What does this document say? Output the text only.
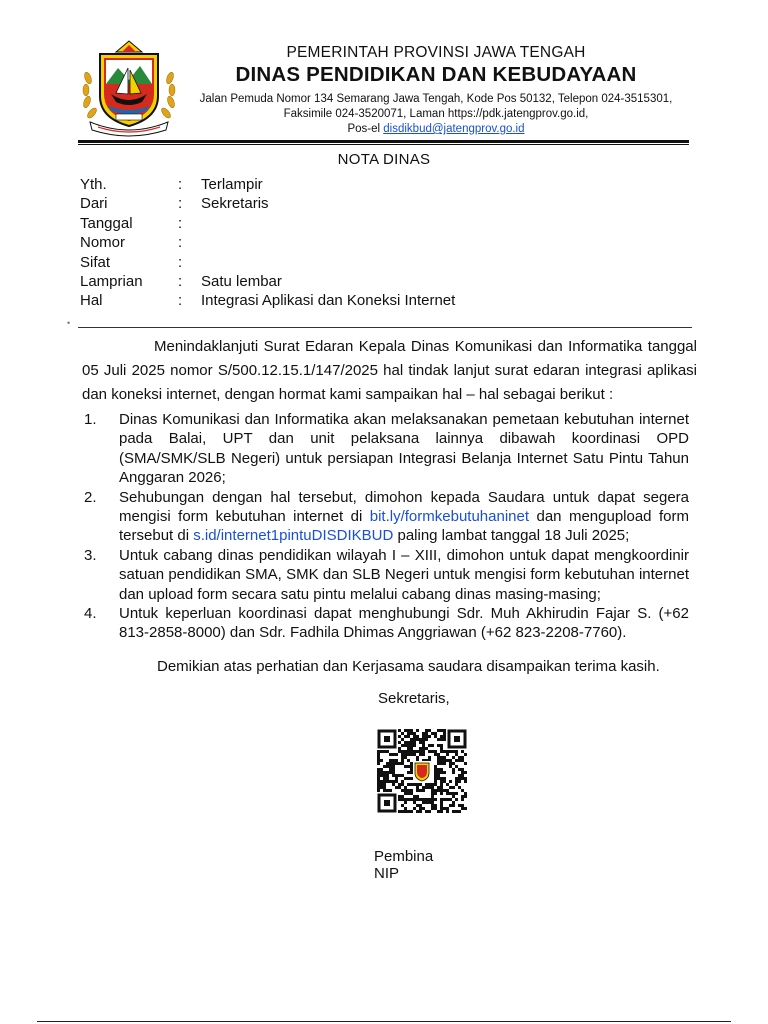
PEMERINTAH PROVINSI JAWA TENGAH
DINAS PENDIDIKAN DAN KEBUDAYAAN
Jalan Pemuda Nomor 134 Semarang Jawa Tengah, Kode Pos 50132, Telepon 024-3515301,
Faksimile 024-3520071, Laman https://pdk.jatengprov.go.id,
Pos-el disdikbud@jatengprov.go.id
NOTA DINAS
Yth.	: Terlampir
Dari	: Sekretaris
Tanggal	:
Nomor	:
Sifat	:
Lamprian : Satu lembar
Hal	: Integrasi Aplikasi dan Koneksi Internet
•
Menindaklanjuti Surat Edaran Kepala Dinas Komunikasi dan Informatika tanggal 05 Juli 2025 nomor S/500.12.15.1/147/2025 hal tindak lanjut surat edaran integrasi aplikasi dan koneksi internet, dengan hormat kami sampaikan hal – hal sebagai berikut :
1. Dinas Komunikasi dan Informatika akan melaksanakan pemetaan kebutuhan internet pada Balai, UPT dan unit pelaksana lainnya dibawah koordinasi OPD (SMA/SMK/SLB Negeri) untuk persiapan Integrasi Belanja Internet Satu Pintu Tahun Anggaran 2026;
2. Sehubungan dengan hal tersebut, dimohon kepada Saudara untuk dapat segera mengisi form kebutuhan internet di bit.ly/formkebutuhaninet dan mengupload form tersebut di s.id/internet1pintuDISDIKBUD paling lambat tanggal 18 Juli 2025;
3. Untuk cabang dinas pendidikan wilayah I – XIII, dimohon untuk dapat mengkoordinir satuan pendidikan SMA, SMK dan SLB Negeri untuk mengisi form kebutuhan internet dan upload form secara satu pintu melalui cabang dinas masing-masing;
4. Untuk keperluan koordinasi dapat menghubungi Sdr. Muh Akhirudin Fajar S. (+62 813-2858-8000) dan Sdr. Fadhila Dhimas Anggriawan (+62 823-2208-7760).
Demikian atas perhatian dan Kerjasama saudara disampaikan terima kasih.
Sekretaris,
Pembina
NIP
